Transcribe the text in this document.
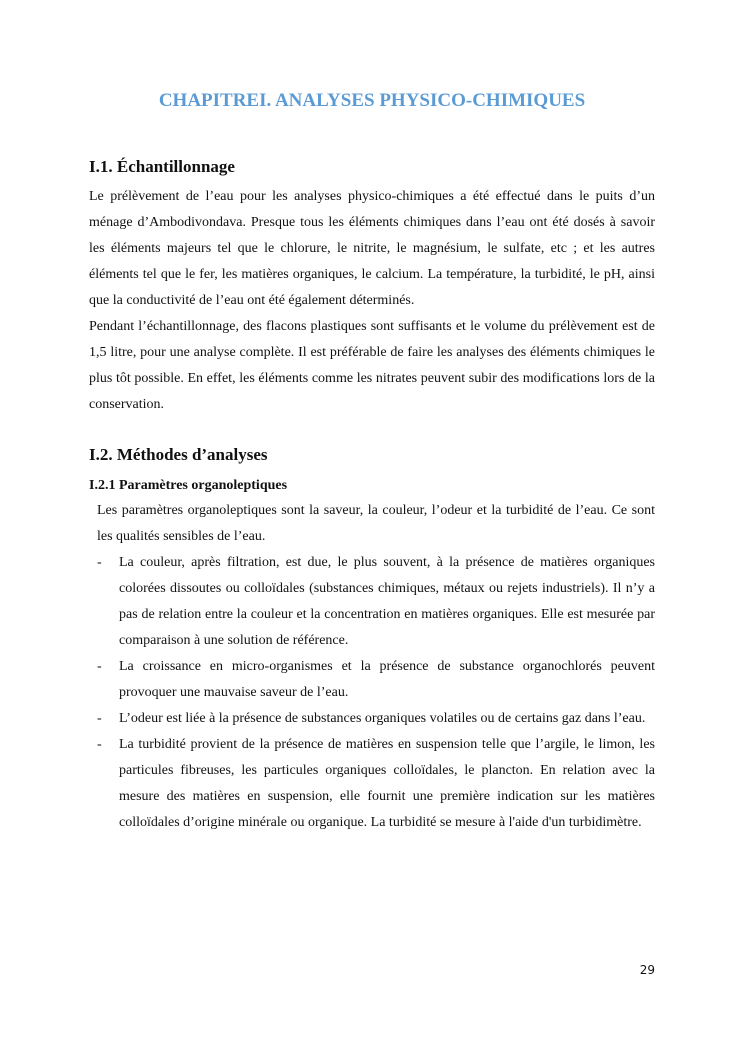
CHAPITREI. ANALYSES PHYSICO-CHIMIQUES
I.1. Échantillonnage

Le prélèvement de l’eau pour les analyses physico-chimiques a été effectué dans le puits d’un ménage d’Ambodivondava. Presque tous les éléments chimiques dans l’eau ont été dosés à savoir les éléments majeurs tel que le chlorure, le nitrite, le magnésium, le sulfate, etc ; et les autres éléments tel que le fer, les matières organiques, le calcium. La température, la turbidité, le pH, ainsi que la conductivité de l’eau ont été également déterminés.

Pendant l’échantillonnage, des flacons plastiques sont suffisants et le volume du prélèvement est de 1,5 litre, pour une analyse complète. Il est préférable de faire les analyses des éléments chimiques le plus tôt possible. En effet, les éléments comme les nitrates peuvent subir des modifications lors de la conservation.

I.2. Méthodes d’analyses
I.2.1 Paramètres organoleptiques

Les paramètres organoleptiques sont la saveur, la couleur, l’odeur et la turbidité de l’eau. Ce sont les qualités sensibles de l’eau.

- La couleur, après filtration, est due, le plus souvent, à la présence de matières organiques colorées dissoutes ou colloïdales (substances chimiques, métaux ou rejets industriels). Il n’y a pas de relation entre la couleur et la concentration en matières organiques. Elle est mesurée par comparaison à une solution de référence.
- La croissance en micro-organismes et la présence de substance organochlorés peuvent provoquer une mauvaise saveur de l’eau.
- L’odeur est liée à la présence de substances organiques volatiles ou de certains gaz dans l’eau.
- La turbidité provient de la présence de matières en suspension telle que l’argile, le limon, les particules fibreuses, les particules organiques colloïdales, le plancton. En relation avec la mesure des matières en suspension, elle fournit une première indication sur les matières colloïdales d’origine minérale ou organique. La turbidité se mesure à l'aide d'un turbidimètre.

29
